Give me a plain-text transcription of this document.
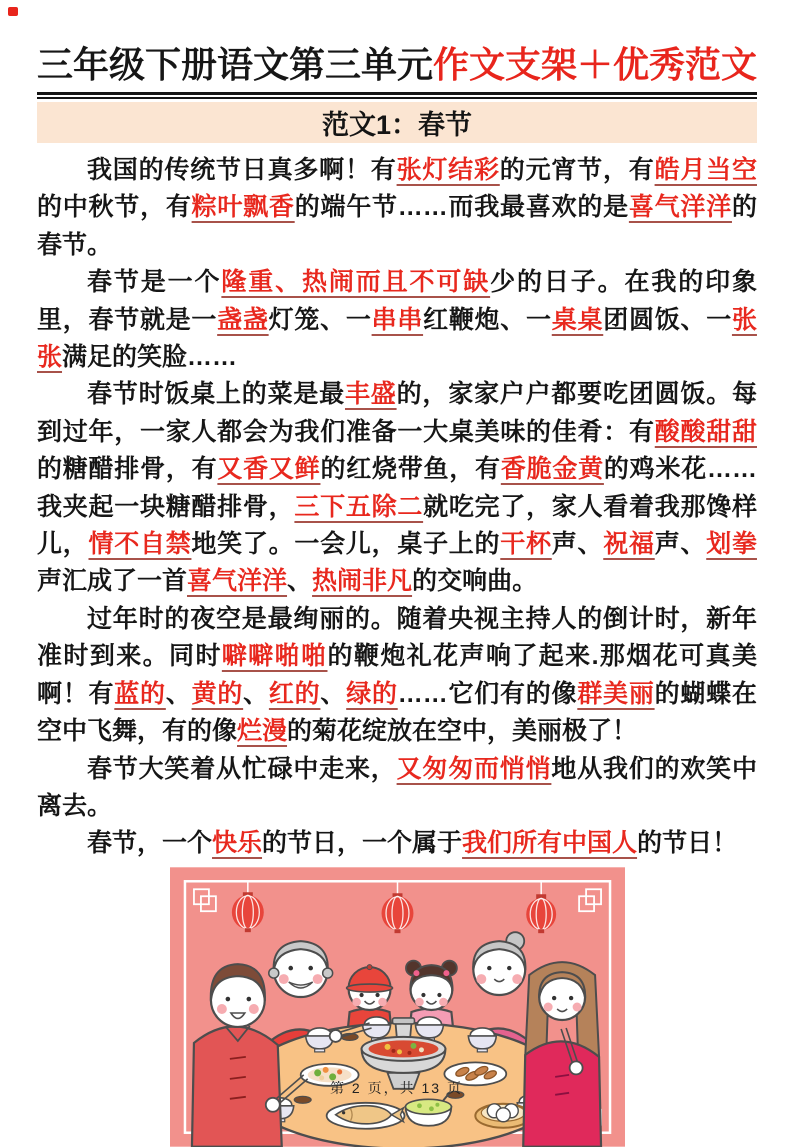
三年级下册语文第三单元作文支架＋优秀范文
范文1：春节

我国的传统节日真多啊！有张灯结彩的元宵节，有皓月当空的中秋节，有粽叶飘香的端午节……而我最喜欢的是喜气洋洋的春节。

春节是一个隆重、热闹而且不可缺少的日子。在我的印象里，春节就是一盏盏灯笼、一串串红鞭炮、一桌桌团圆饭、一张张满足的笑脸……

春节时饭桌上的菜是最丰盛的，家家户户都要吃团圆饭。每到过年，一家人都会为我们准备一大桌美味的佳肴：有酸酸甜甜的糖醋排骨，有又香又鲜的红烧带鱼，有香脆金黄的鸡米花……我夹起一块糖醋排骨，三下五除二就吃完了，家人看着我那馋样儿，情不自禁地笑了。一会儿，桌子上的干杯声、祝福声、划拳声汇成了一首喜气洋洋、热闹非凡的交响曲。

过年时的夜空是最绚丽的。随着央视主持人的倒计时，新年准时到来。同时噼噼啪啪的鞭炮礼花声响了起来.那烟花可真美啊！有蓝的、黄的、红的、绿的……它们有的像群美丽的蝴蝶在空中飞舞，有的像烂漫的菊花绽放在空中，美丽极了！

春节大笑着从忙碌中走来，又匆匆而悄悄地从我们的欢笑中离去。

春节，一个快乐的节日，一个属于我们所有中国人的节日！

第 2 页，共 13 页
